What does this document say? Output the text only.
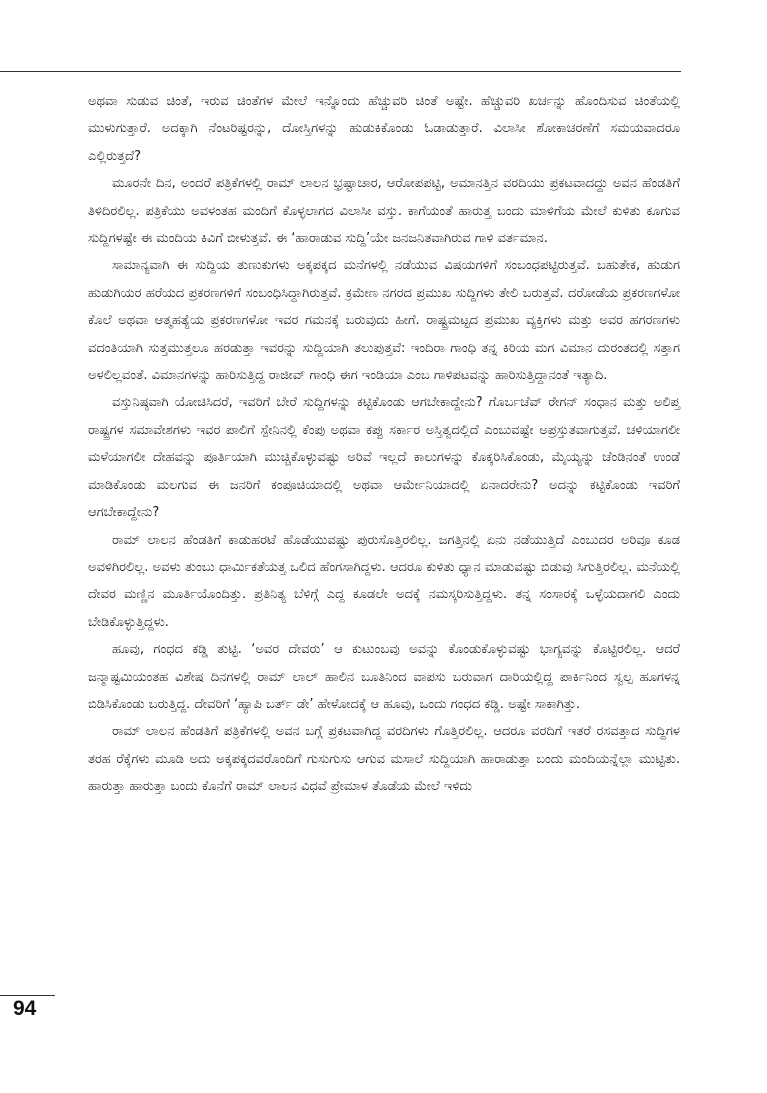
ಅಥವಾ ಸುಡುವ ಚಿಂತೆ, ಇರುವ ಚಿಂತೆಗಳ ಮೇಲೆ ಇನ್ನೊಂದು ಹೆಚ್ಚುವರಿ ಚಿಂತೆ ಅಷ್ಟೇ. ಹೆಚ್ಚುವರಿ ಖರ್ಚನ್ನು ಹೊಂದಿಸುವ ಚಿಂತೆಯಲ್ಲಿ ಮುಳುಗುತ್ತಾರೆ. ಅದಕ್ಕಾಗಿ ನೆಂಟರಿಷ್ಟರನ್ನು, ದೋಸ್ತಿಗಳನ್ನು ಹುಡುಕಿಕೊಂಡು ಓಡಾಡುತ್ತಾರೆ. ವಿಲಾಸೀ ಶೋಕಾಚರಣೆಗೆ ಸಮಯವಾದರೂ ಎಲ್ಲಿರುತ್ತದೆ?

ಮೂರನೇ ದಿನ, ಅಂದರೆ ಪತ್ರಿಕೆಗಳಲ್ಲಿ ರಾಮ್ ಲಾಲನ ಭ್ರಷ್ಟಾಚಾರ, ಆರೋಪಪಟ್ಟಿ, ಅಮಾನತ್ತಿನ ವರದಿಯು ಪ್ರಕಟವಾದದ್ದು ಅವನ ಹೆಂಡತಿಗೆ ತಿಳಿದಿರಲಿಲ್ಲ. ಪತ್ರಿಕೆಯು ಅವಳಂತಹ ಮಂದಿಗೆ ಕೊಳ್ಳಲಾಗದ ವಿಲಾಸೀ ವಸ್ತು. ಕಾಗೆಯಂತೆ ಹಾರುತ್ತ ಬಂದು ಮಾಳಿಗೆಯ ಮೇಲೆ ಕುಳಿತು ಕೂಗುವ ಸುದ್ದಿಗಳಷ್ಟೇ ಈ ಮಂದಿಯ ಕಿವಿಗೆ ಬೀಳುತ್ತವೆ. ಈ ‘ಹಾರಾಡುವ ಸುದ್ದಿ’ಯೇ ಜನಜನಿತವಾಗಿರುವ ಗಾಳಿ ವರ್ತಮಾನ.

ಸಾಮಾನ್ಯವಾಗಿ ಈ ಸುದ್ದಿಯ ತುಣುಕುಗಳು ಅಕ್ಕಪಕ್ಕದ ಮನೆಗಳಲ್ಲಿ ನಡೆಯುವ ವಿಷಯಗಳಿಗೆ ಸಂಬಂಧಪಟ್ಟಿರುತ್ತವೆ. ಬಹುತೇಕ, ಹುಡುಗ ಹುಡುಗಿಯರ ಹರೆಯದ ಪ್ರಕರಣಗಳಿಗೆ ಸಂಬಂಧಿಸಿದ್ದಾಗಿರುತ್ತವೆ. ಕ್ರಮೇಣ ನಗರದ ಪ್ರಮುಖ ಸುದ್ದಿಗಳು ತೇಲಿ ಬರುತ್ತವೆ. ದರೋಡೆಯ ಪ್ರಕರಣಗಳೋ ಕೊಲೆ ಅಥವಾ ಆತ್ಮಹತ್ಯೆಯ ಪ್ರಕರಣಗಳೋ ಇವರ ಗಮನಕ್ಕೆ ಬರುವುದು ಹೀಗೆ. ರಾಷ್ಟ್ರಮಟ್ಟದ ಪ್ರಮುಖ ವ್ಯಕ್ತಿಗಳು ಮತ್ತು ಅವರ ಹಗರಣಗಳು ವದಂತಿಯಾಗಿ ಸುತ್ತಮುತ್ತಲೂ ಹರಡುತ್ತಾ ಇವರನ್ನು ಸುದ್ದಿಯಾಗಿ ತಲುಪುತ್ತವೆ: ಇಂದಿರಾ ಗಾಂಧಿ ತನ್ನ ಕಿರಿಯ ಮಗ ವಿಮಾನ ದುರಂತದಲ್ಲಿ ಸತ್ತಾಗ ಅಳಲಿಲ್ಲವಂತೆ. ವಿಮಾನಗಳನ್ನು ಹಾರಿಸುತ್ತಿದ್ದ ರಾಜೀವ್ ಗಾಂಧಿ ಈಗ ಇಂಡಿಯಾ ಎಂಬ ಗಾಳಿಪಟವನ್ನು ಹಾರಿಸುತ್ತಿದ್ದಾನಂತೆ ಇತ್ಯಾದಿ.

ವಸ್ತುನಿಷ್ಠವಾಗಿ ಯೋಚಿಸಿದರೆ, ಇವರಿಗೆ ಬೇರೆ ಸುದ್ದಿಗಳನ್ನು ಕಟ್ಟಿಕೊಂಡು ಆಗಬೇಕಾದ್ದೇನು? ಗೊರ್ಬಚೆವ್ ರೇಗನ್ ಸಂಧಾನ ಮತ್ತು ಅಲಿಪ್ತ ರಾಷ್ಟ್ರಗಳ ಸಮಾವೇಶಗಳು ಇವರ ಪಾಲಿಗೆ ಸ್ಪೇನಿನಲ್ಲಿ ಕೆಂಪು ಅಥವಾ ಕಪ್ಪು ಸರ್ಕಾರ ಅಸ್ತಿತ್ವದಲ್ಲಿದೆ ಎಂಬುವಷ್ಟೇ ಅಪ್ರಸ್ತುತವಾಗುತ್ತವೆ. ಚಳಿಯಾಗಲೀ ಮಳೆಯಾಗಲೀ ದೇಹವನ್ನು ಪೂರ್ತಿಯಾಗಿ ಮುಚ್ಚಿಕೊಳ್ಳುವಷ್ಟು ಅರಿವೆ ಇಲ್ಲದೆ ಕಾಲುಗಳನ್ನು ಕೊಕ್ಕರಿಸಿಕೊಂಡು, ಮೈಯ್ಯನ್ನು ಚೆಂಡಿನಂತೆ ಉಂಡೆ ಮಾಡಿಕೊಂಡು ಮಲಗುವ ಈ ಜನರಿಗೆ ಕಂಪೂಚಿಯಾದಲ್ಲಿ ಅಥವಾ ಆರ್ಮೇನಿಯಾದಲ್ಲಿ ಏನಾದರೇನು? ಅದನ್ನು ಕಟ್ಟಿಕೊಂಡು ಇವರಿಗೆ ಆಗಬೇಕಾದ್ದೇನು?

ರಾಮ್ ಲಾಲನ ಹೆಂಡತಿಗೆ ಕಾಡುಹರಟೆ ಹೊಡೆಯುವಷ್ಟು ಪುರುಸೊತ್ತಿರಲಿಲ್ಲ. ಜಗತ್ತಿನಲ್ಲಿ ಏನು ನಡೆಯುತ್ತಿದೆ ಎಂಬುದರ ಅರಿವೂ ಕೂಡ ಅವಳಿಗಿರಲಿಲ್ಲ. ಅವಳು ತುಂಬು ಧಾರ್ಮಿಕತೆಯತ್ತ ಒಲಿದ ಹೆಂಗಸಾಗಿದ್ದಳು. ಆದರೂ ಕುಳಿತು ಧ್ಯಾನ ಮಾಡುವಷ್ಟು ಬಿಡುವು ಸಿಗುತ್ತಿರಲಿಲ್ಲ. ಮನೆಯಲ್ಲಿ ದೇವರ ಮಣ್ಣಿನ ಮೂರ್ತಿಯೊಂದಿತ್ತು. ಪ್ರತಿನಿತ್ಯ ಬೆಳಿಗ್ಗೆ ಎದ್ದ ಕೂಡಲೇ ಅದಕ್ಕೆ ನಮಸ್ಕರಿಸುತ್ತಿದ್ದಳು. ತನ್ನ ಸಂಸಾರಕ್ಕೆ ಒಳ್ಳೆಯದಾಗಲಿ ಎಂದು ಬೇಡಿಕೊಳ್ಳುತ್ತಿದ್ದಳು.

ಹೂವು, ಗಂಧದ ಕಡ್ಡಿ ತುಟ್ಟಿ. ‘ಅವರ ದೇವರು’ ಆ ಕುಟುಂಬವು ಅವನ್ನು ಕೊಂಡುಕೊಳ್ಳುವಷ್ಟು ಭಾಗ್ಯವನ್ನು ಕೊಟ್ಟಿರಲಿಲ್ಲ. ಆದರೆ ಜನ್ಮಾಷ್ಟಮಿಯಂತಹ ವಿಶೇಷ ದಿನಗಳಲ್ಲಿ ರಾಮ್ ಲಾಲ್ ಹಾಲಿನ ಬೂತಿನಿಂದ ವಾಪಸು ಬರುವಾಗ ದಾರಿಯಲ್ಲಿದ್ದ ಪಾರ್ಕಿನಿಂದ ಸ್ವಲ್ಪ ಹೂಗಳನ್ನ ಬಿಡಿಸಿಕೊಂಡು ಬರುತ್ತಿದ್ದ. ದೇವರಿಗೆ ‘ಹ್ಯಾಪಿ ಬರ್ತ್ ಡೇ’ ಹೇಳೋದಕ್ಕೆ ಆ ಹೂವು, ಒಂದು ಗಂಧದ ಕಡ್ಡಿ. ಅಷ್ಟೇ ಸಾಕಾಗಿತ್ತು.

ರಾಮ್ ಲಾಲನ ಹೆಂಡತಿಗೆ ಪತ್ರಿಕೆಗಳಲ್ಲಿ ಅವನ ಬಗ್ಗೆ ಪ್ರಕಟವಾಗಿದ್ದ ವರದಿಗಳು ಗೊತ್ತಿರಲಿಲ್ಲ. ಆದರೂ ವರದಿಗೆ ಇತರೆ ರಸವತ್ತಾದ ಸುದ್ದಿಗಳ ತರಹ ರೆಕ್ಕೆಗಳು ಮೂಡಿ ಅದು ಅಕ್ಕಪಕ್ಕದವರೊಂದಿಗೆ ಗುಸುಗುಸು ಆಗುವ ಮಸಾಲೆ ಸುದ್ದಿಯಾಗಿ ಹಾರಾಡುತ್ತಾ ಬಂದು ಮಂದಿಯನ್ನೆಲ್ಲಾ ಮುಟ್ಟಿತು. ಹಾರುತ್ತಾ ಹಾರುತ್ತಾ ಬಂದು ಕೊನೆಗೆ ರಾಮ್ ಲಾಲನ ವಿಧವೆ ಪ್ರೇಮಾಳ ತೊಡೆಯ ಮೇಲೆ ಇಳಿದು

94
